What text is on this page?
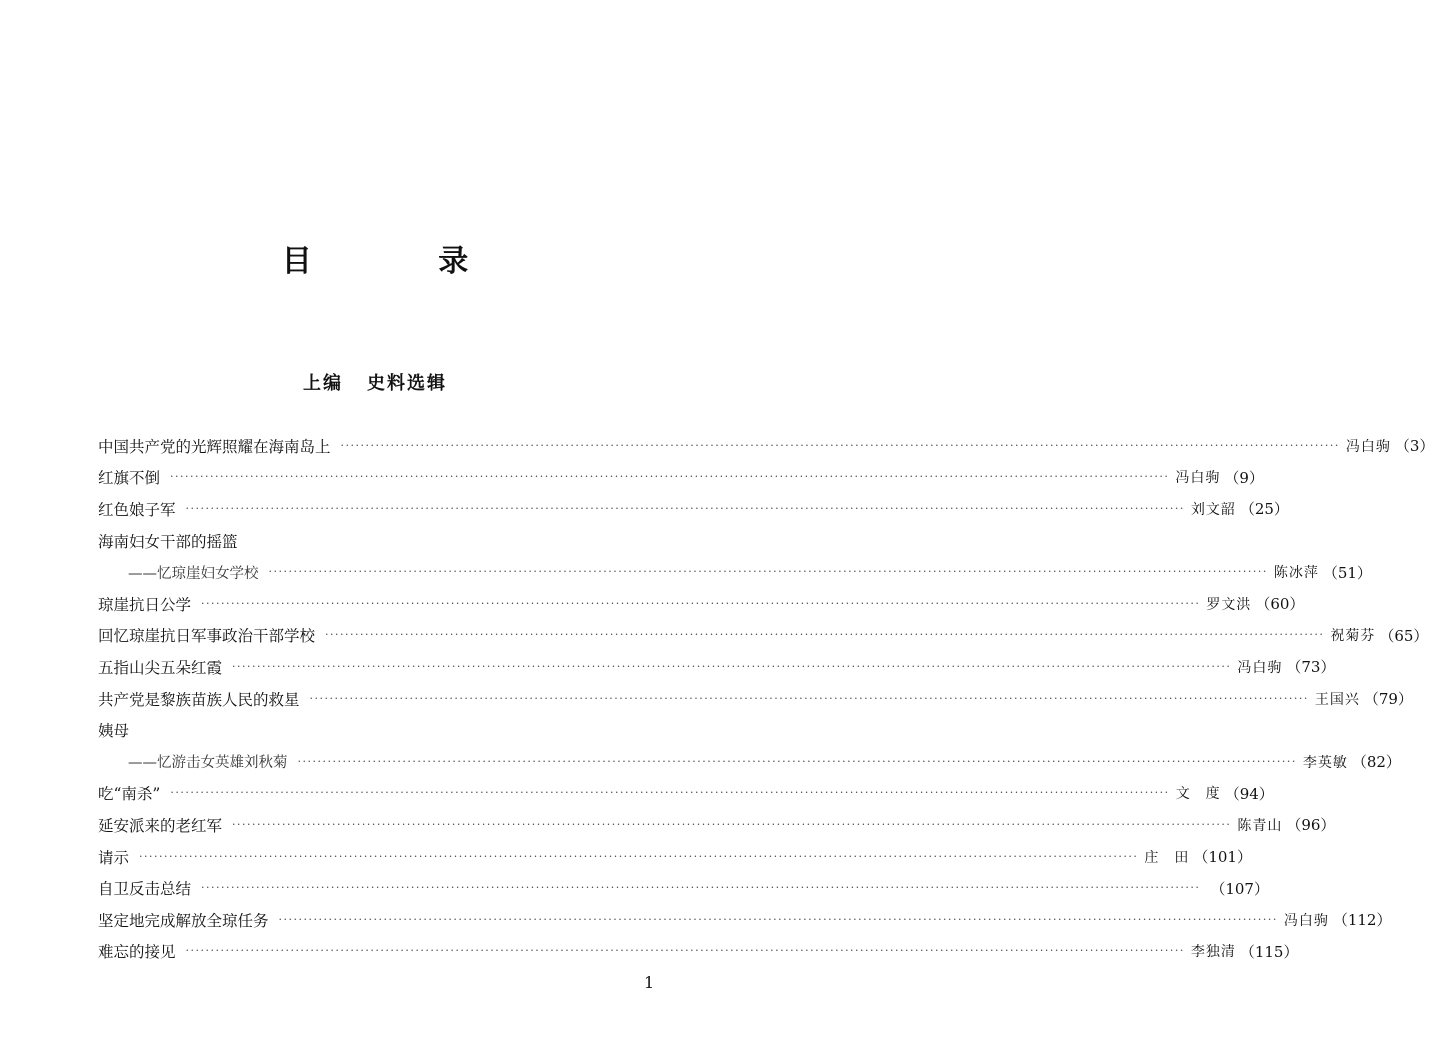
目 录
上编 史料选辑
中国共产党的光辉照耀在海南岛上 ········································································································································································································ 冯白驹 （3）
红旗不倒 ········································································································································································································ 冯白驹 （9）
红色娘子军 ········································································································································································································ 刘文韶 （25）
海南妇女干部的摇篮
——忆琼崖妇女学校 ········································································································································································································ 陈冰萍 （51）
琼崖抗日公学 ········································································································································································································ 罗文洪 （60）
回忆琼崖抗日军事政治干部学校 ········································································································································································································ 祝菊芬 （65）
五指山尖五朵红霞 ········································································································································································································ 冯白驹 （73）
共产党是黎族苗族人民的救星 ········································································································································································································ 王国兴 （79）
姨母
——忆游击女英雄刘秋菊 ········································································································································································································ 李英敏 （82）
吃“南杀” ········································································································································································································ 文　度 （94）
延安派来的老红军 ········································································································································································································ 陈青山 （96）
请示 ········································································································································································································ 庄　田 （101）
自卫反击总结 ········································································································································································································ （107）
坚定地完成解放全琼任务 ········································································································································································································ 冯白驹 （112）
难忘的接见 ········································································································································································································ 李独清 （115）
1
